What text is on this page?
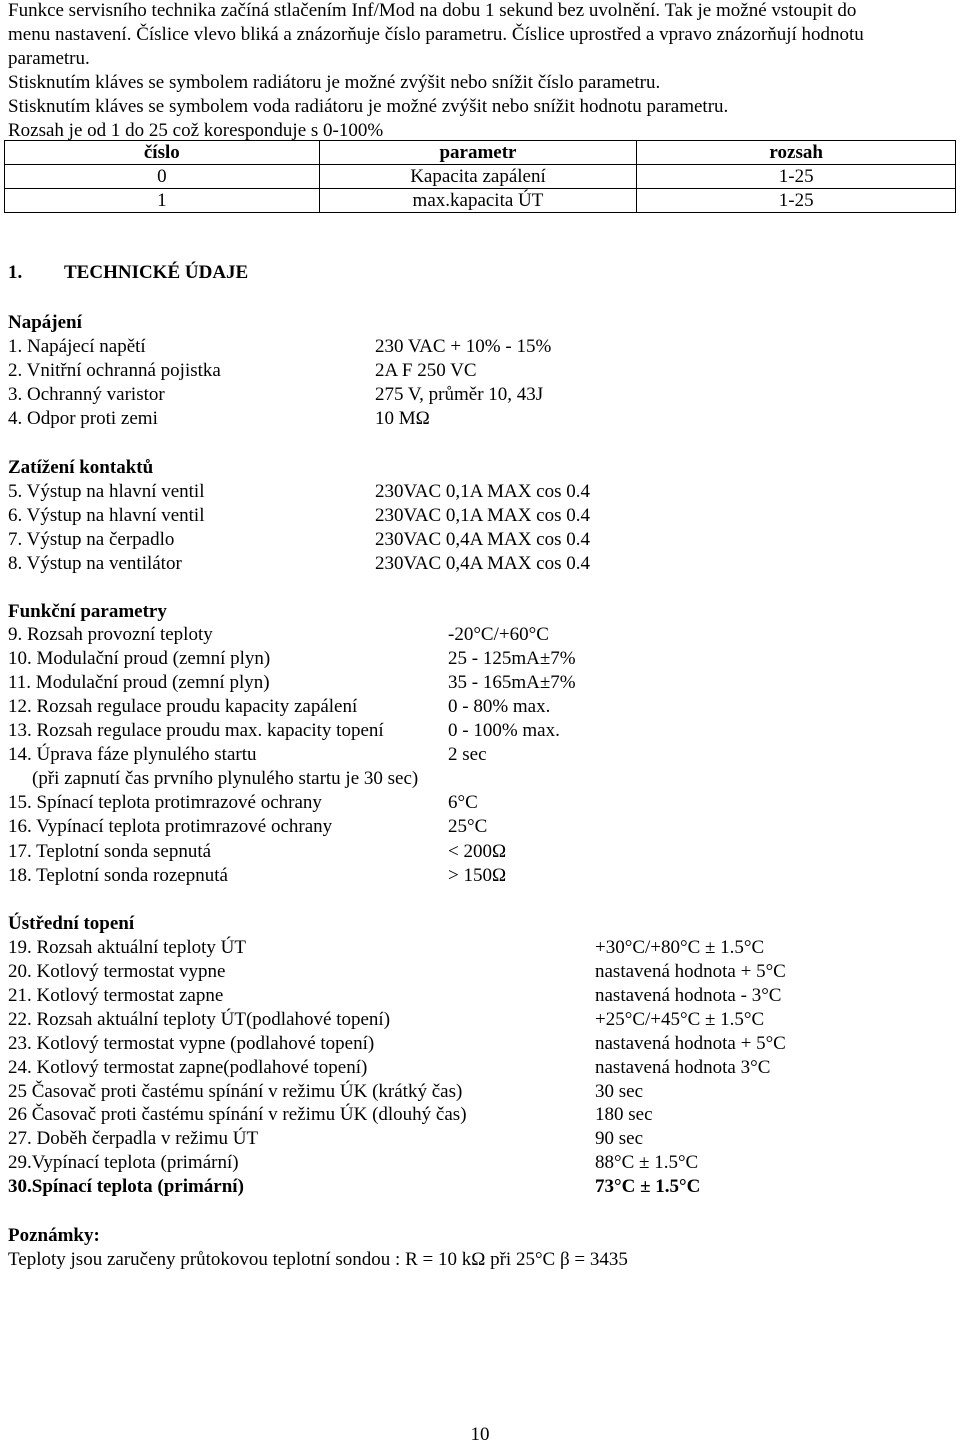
Funkce servisního technika začíná stlačením Inf/Mod na dobu 1 sekund bez uvolnění. Tak je možné vstoupit do
menu nastavení. Číslice vlevo bliká a znázorňuje číslo parametru. Číslice uprostřed a vpravo znázorňují hodnotu
parametru.
Stisknutím kláves se symbolem radiátoru je možné zvýšit nebo snížit číslo parametru.
Stisknutím kláves se symbolem voda radiátoru je možné zvýšit nebo snížit hodnotu parametru.
Rozsah je od 1 do 25 což koresponduje s 0-100%
číslo	parametr	rozsah
0	Kapacita zapálení	1-25
1	max.kapacita ÚT	1-25
1. TECHNICKÉ ÚDAJE
Napájení
1. Napájecí napětí	230 VAC + 10% - 15%
2. Vnitřní ochranná pojistka	2A F 250 VC
3. Ochranný varistor	275 V, průměr 10, 43J
4. Odpor proti zemi	10 MΩ
Zatížení kontaktů
5. Výstup na hlavní ventil	230VAC 0,1A MAX cos 0.4
6. Výstup na hlavní ventil	230VAC 0,1A MAX cos 0.4
7. Výstup na čerpadlo	230VAC 0,4A MAX cos 0.4
8. Výstup na ventilátor	230VAC 0,4A MAX cos 0.4
Funkční parametry
9. Rozsah provozní teploty	-20°C/+60°C
10. Modulační proud (zemní plyn)	25 - 125mA±7%
11. Modulační proud (zemní plyn)	35 - 165mA±7%
12. Rozsah regulace proudu kapacity zapálení	0 - 80% max.
13. Rozsah regulace proudu max. kapacity topení	0 - 100% max.
14. Úprava fáze plynulého startu	2 sec
(při zapnutí čas prvního plynulého startu je 30 sec)
15. Spínací teplota protimrazové ochrany	6°C
16. Vypínací teplota protimrazové ochrany	25°C
17. Teplotní sonda sepnutá	< 200Ω
18. Teplotní sonda rozepnutá	> 150Ω
Ústřední topení
19. Rozsah aktuální teploty ÚT	+30°C/+80°C ± 1.5°C
20. Kotlový termostat vypne	nastavená hodnota + 5°C
21. Kotlový termostat zapne	nastavená hodnota - 3°C
22. Rozsah aktuální teploty ÚT(podlahové topení)	+25°C/+45°C ± 1.5°C
23. Kotlový termostat vypne (podlahové topení)	nastavená hodnota + 5°C
24. Kotlový termostat zapne(podlahové topení)	nastavená hodnota 3°C
25 Časovač proti častému spínání v režimu ÚK (krátký čas)	30 sec
26 Časovač proti častému spínání v režimu ÚK (dlouhý čas)	180 sec
27. Doběh čerpadla v režimu ÚT	90 sec
29.Vypínací teplota (primární)	88°C ± 1.5°C
30.Spínací teplota (primární)	73°C ± 1.5°C
Poznámky:
Teploty jsou zaručeny průtokovou teplotní sondou : R = 10 kΩ při 25°C β = 3435
10
